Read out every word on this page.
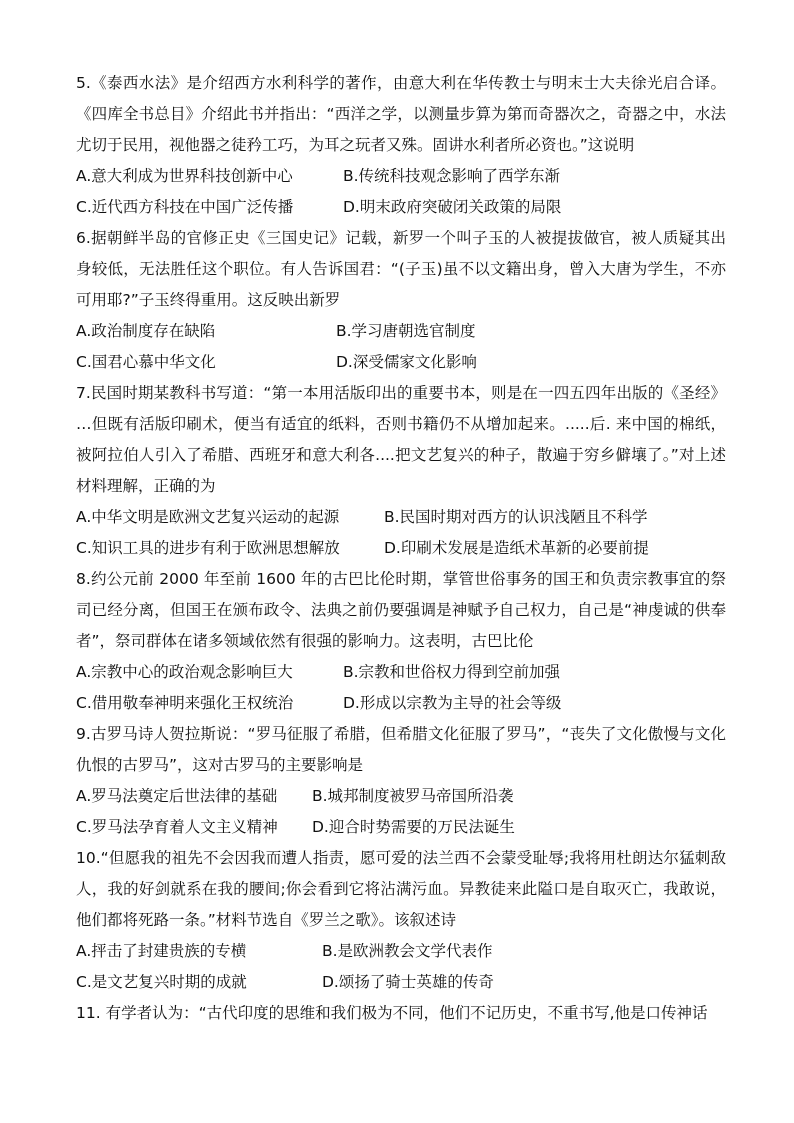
5.《泰西水法》是介绍西方水利科学的著作，由意大利在华传教士与明末士大夫徐光启合译。《四库全书总目》介绍此书并指出：“西洋之学，以测量步算为第而奇器次之，奇器之中，水法尤切于民用，视他器之徒矜工巧，为耳之玩者又殊。固讲水利者所必资也。”这说明

A.意大利成为世界科技创新中心	B.传统科技观念影响了西学东渐
C.近代西方科技在中国广泛传播	D.明末政府突破闭关政策的局限

6.据朝鲜半岛的官修正史《三国史记》记载，新罗一个叫子玉的人被提拔做官，被人质疑其出身较低，无法胜任这个职位。有人告诉国君：“(子玉)虽不以文籍出身，曾入大唐为学生，不亦可用耶?”子玉终得重用。这反映出新罗

A.政治制度存在缺陷	B.学习唐朝选官制度
C.国君心慕中华文化	D.深受儒家文化影响

7.民国时期某教科书写道：“第一本用活版印出的重要书本，则是在一四五四年出版的《圣经》 …但既有活版印刷术，便当有适宜的纸料，否则书籍仍不从增加起来。.....后. 来中国的棉纸，被阿拉伯人引入了希腊、西班牙和意大利各....把文艺复兴的种子，散遍于穷乡僻壤了。”对上述材料理解，正确的为

A.中华文明是欧洲文艺复兴运动的起源	B.民国时期对西方的认识浅陋且不科学
C.知识工具的进步有利于欧洲思想解放	D.印刷术发展是造纸术革新的必要前提

8.约公元前 2000 年至前 1600 年的古巴比伦时期，掌管世俗事务的国王和负责宗教事宜的祭司已经分离，但国王在颁布政令、法典之前仍要强调是神赋予自己权力，自己是“神虔诚的供奉者”，祭司群体在诸多领域依然有很强的影响力。这表明，古巴比伦

A.宗教中心的政治观念影响巨大	B.宗教和世俗权力得到空前加强
C.借用敬奉神明来强化王权统治	D.形成以宗教为主导的社会等级

9.古罗马诗人贺拉斯说：“罗马征服了希腊，但希腊文化征服了罗马”，“丧失了文化傲慢与文化仇恨的古罗马”，这对古罗马的主要影响是

A.罗马法奠定后世法律的基础	B.城邦制度被罗马帝国所沿袭
C.罗马法孕育着人文主义精神	D.迎合时势需要的万民法诞生

10.“但愿我的祖先不会因我而遭人指责，愿可爱的法兰西不会蒙受耻辱;我将用杜朗达尔猛刺敌人，我的好剑就系在我的腰间;你会看到它将沾满污血。异教徒来此隘口是自取灭亡，我敢说，他们都将死路一条。”材料节选自《罗兰之歌》。该叙述诗

A.抨击了封建贵族的专横	B.是欧洲教会文学代表作
C.是文艺复兴时期的成就	D.颂扬了骑士英雄的传奇

11. 有学者认为：“古代印度的思维和我们极为不同，他们不记历史，不重书写,他是口传神话
